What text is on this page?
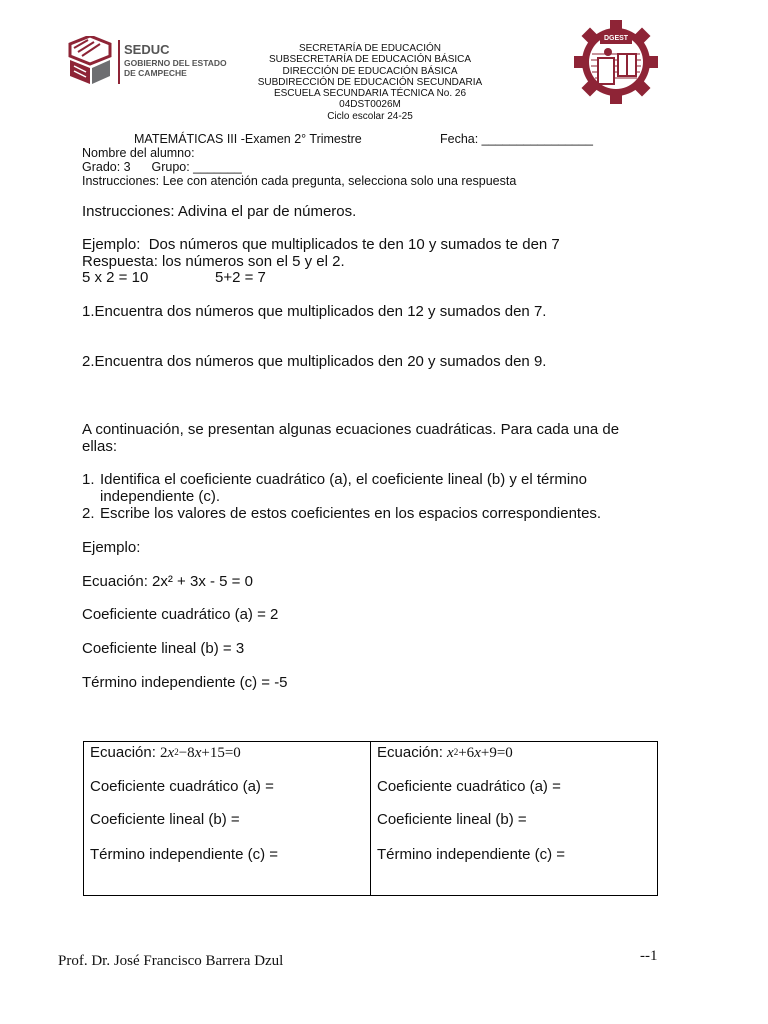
SEDUC
GOBIERNO DEL ESTADO
DE CAMPECHE
SECRETARÍA DE EDUCACIÓN
SUBSECRETARÍA DE EDUCACIÓN BÁSICA
DIRECCIÓN DE EDUCACIÓN BÁSICA
SUBDIRECCIÓN DE EDUCACIÓN SECUNDARIA
ESCUELA SECUNDARIA TÉCNICA No. 26
04DST0026M
Ciclo escolar 24-25
DGEST
MATEMÁTICAS III -Examen 2° Trimestre	Fecha: ________________
Nombre del alumno:
Grado: 3      Grupo: _______
Instrucciones: Lee con atención cada pregunta, selecciona solo una respuesta
Instrucciones: Adivina el par de números.
Ejemplo:  Dos números que multiplicados te den 10 y sumados te den 7
Respuesta: los números son el 5 y el 2.
5 x 2 = 10	5+2 = 7
1.Encuentra dos números que multiplicados den 12 y sumados den 7.
2.Encuentra dos números que multiplicados den 20 y sumados den 9.
A continuación, se presentan algunas ecuaciones cuadráticas. Para cada una de
ellas:
1. Identifica el coeficiente cuadrático (a), el coeficiente lineal (b) y el término
independiente (c).
2. Escribe los valores de estos coeficientes en los espacios correspondientes.
Ejemplo:
Ecuación: 2x² + 3x - 5 = 0
Coeficiente cuadrático (a) = 2
Coeficiente lineal (b) = 3
Término independiente (c) = -5
Ecuación: $2x^2-8x+15=0$
Coeficiente cuadrático (a) =
Coeficiente lineal (b) =
Término independiente (c) =

Ecuación: $x^2+6x+9=0$
Coeficiente cuadrático (a) =
Coeficiente lineal (b) =
Término independiente (c) =
Prof. Dr. José Francisco Barrera Dzul	--1
